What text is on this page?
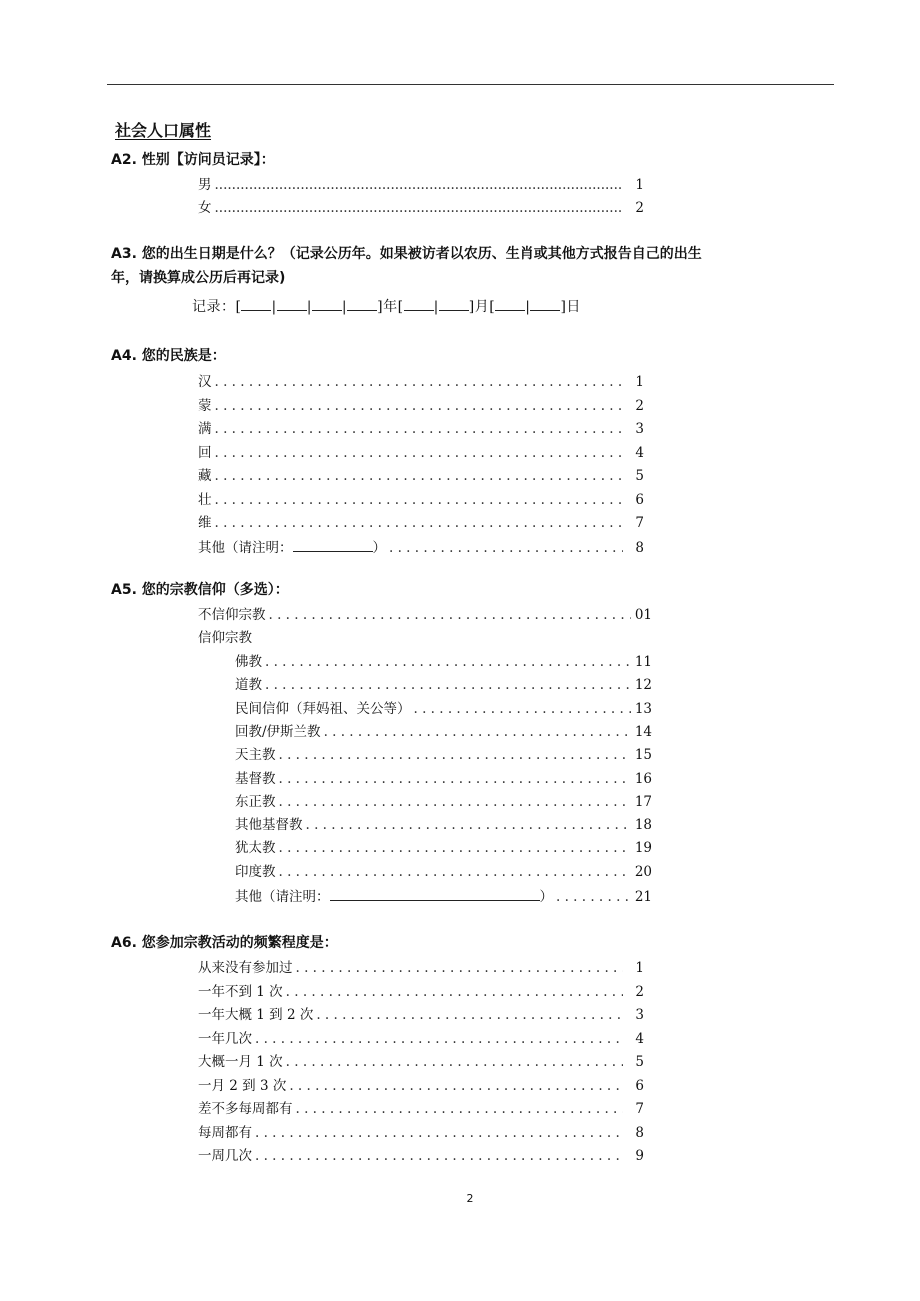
社会人口属性
A2. 性别【访问员记录】：
男 .....	1
女 .....	2
A3. 您的出生日期是什么？（记录公历年。如果被访者以农历、生肖或其他方式报告自己的出生
年，请换算成公历后再记录)
记录：[ | | | ]年[ | ]月[ | ]日
A4. 您的民族是：
汉 . . .	1
蒙 . . .	2
满 . . .	3
回 . . .	4
藏 . . .	5
壮 . . .	6
维 . . .	7
其他（请注明：	） . . .	8
A5. 您的宗教信仰（多选）：
不信仰宗教 . . .	01
信仰宗教
佛教 . . .	11
道教 . . .	12
民间信仰（拜妈祖、关公等） . . .	13
回教/伊斯兰教 . . .	14
天主教 . . .	15
基督教 . . .	16
东正教 . . .	17
其他基督教 . . .	18
犹太教 . . .	19
印度教 . . .	20
其他（请注明：	） . . .	21
A6. 您参加宗教活动的频繁程度是：
从来没有参加过 . . .	1
一年不到 1 次 . . .	2
一年大概 1 到 2 次 . . .	3
一年几次 . . .	4
大概一月 1 次 . . .	5
一月 2 到 3 次 . . .	6
差不多每周都有 . . .	7
每周都有 . . .	8
一周几次 . . .	9
2
